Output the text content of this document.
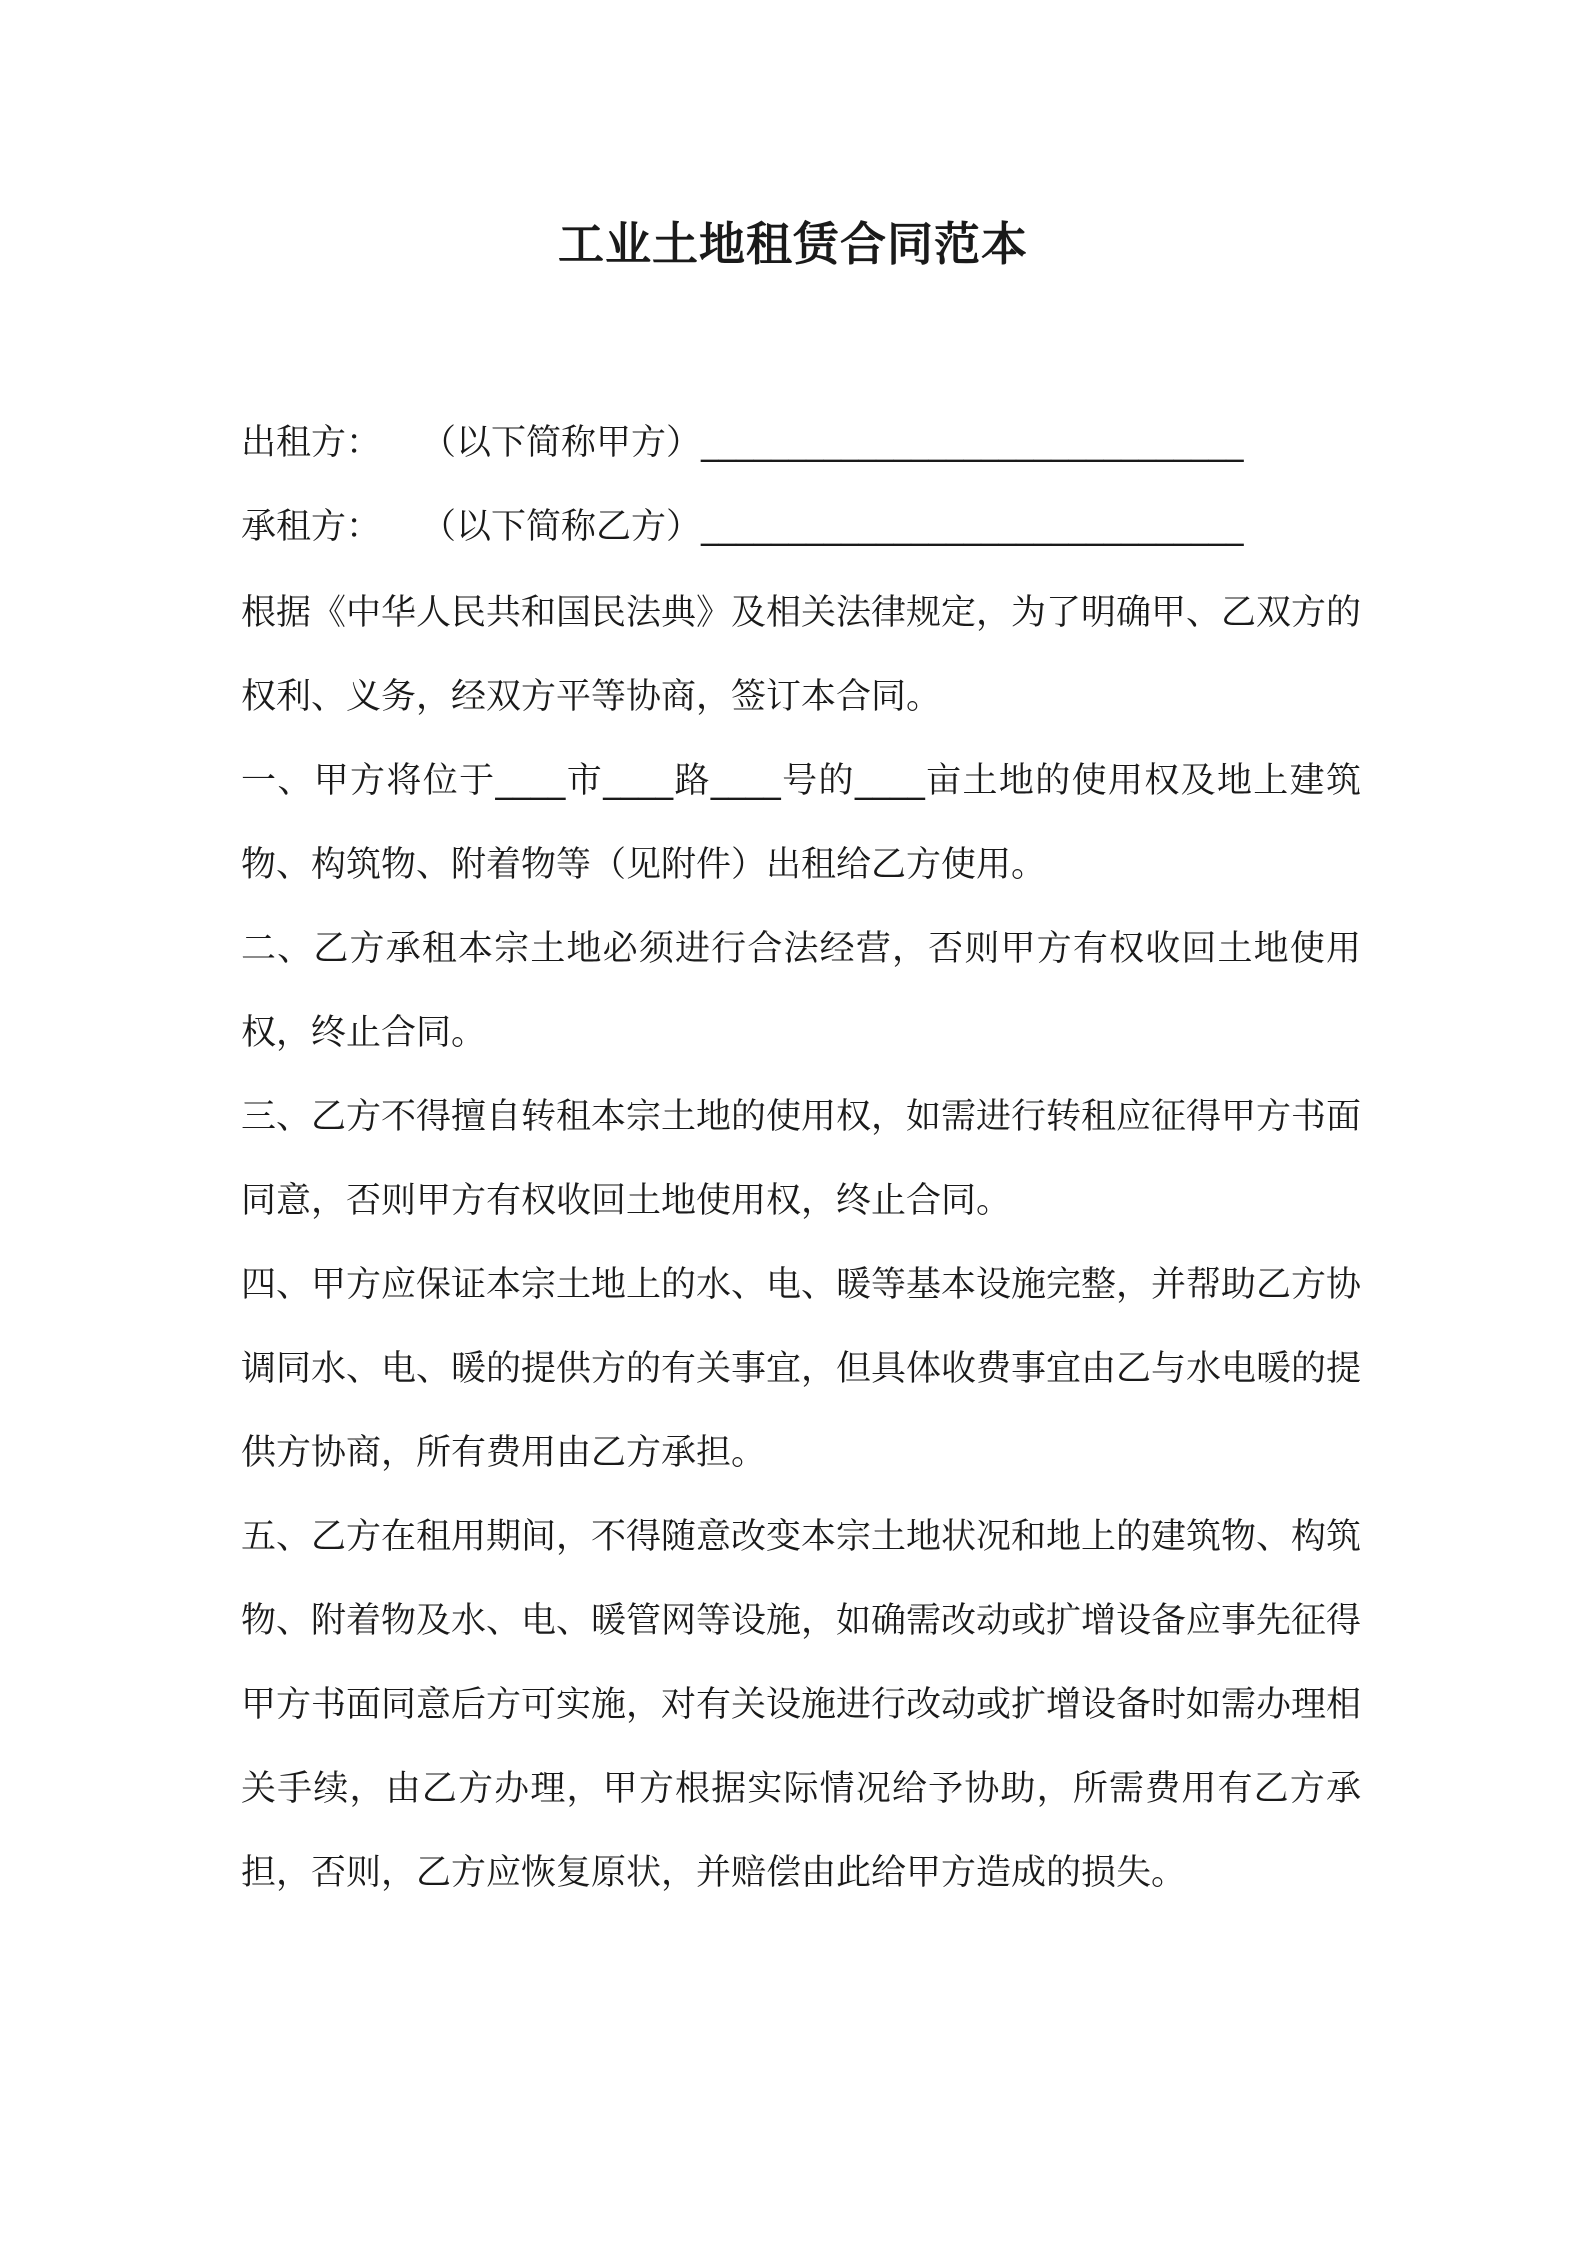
工业土地租赁合同范本
出租方： （以下简称甲方）_______________________________
承租方： （以下简称乙方）_______________________________

根据《中华人民共和国民法典》及相关法律规定，为了明确甲、乙双方的权利、义务，经双方平等协商，签订本合同。

一、甲方将位于____市____路____号的____亩土地的使用权及地上建筑物、构筑物、附着物等（见附件）出租给乙方使用。

二、乙方承租本宗土地必须进行合法经营，否则甲方有权收回土地使用权，终止合同。

三、乙方不得擅自转租本宗土地的使用权，如需进行转租应征得甲方书面同意，否则甲方有权收回土地使用权，终止合同。

四、甲方应保证本宗土地上的水、电、暖等基本设施完整，并帮助乙方协调同水、电、暖的提供方的有关事宜，但具体收费事宜由乙与水电暖的提供方协商，所有费用由乙方承担。

五、乙方在租用期间，不得随意改变本宗土地状况和地上的建筑物、构筑物、附着物及水、电、暖管网等设施，如确需改动或扩增设备应事先征得甲方书面同意后方可实施，对有关设施进行改动或扩增设备时如需办理相关手续，由乙方办理，甲方根据实际情况给予协助，所需费用有乙方承担，否则，乙方应恢复原状，并赔偿由此给甲方造成的损失。
